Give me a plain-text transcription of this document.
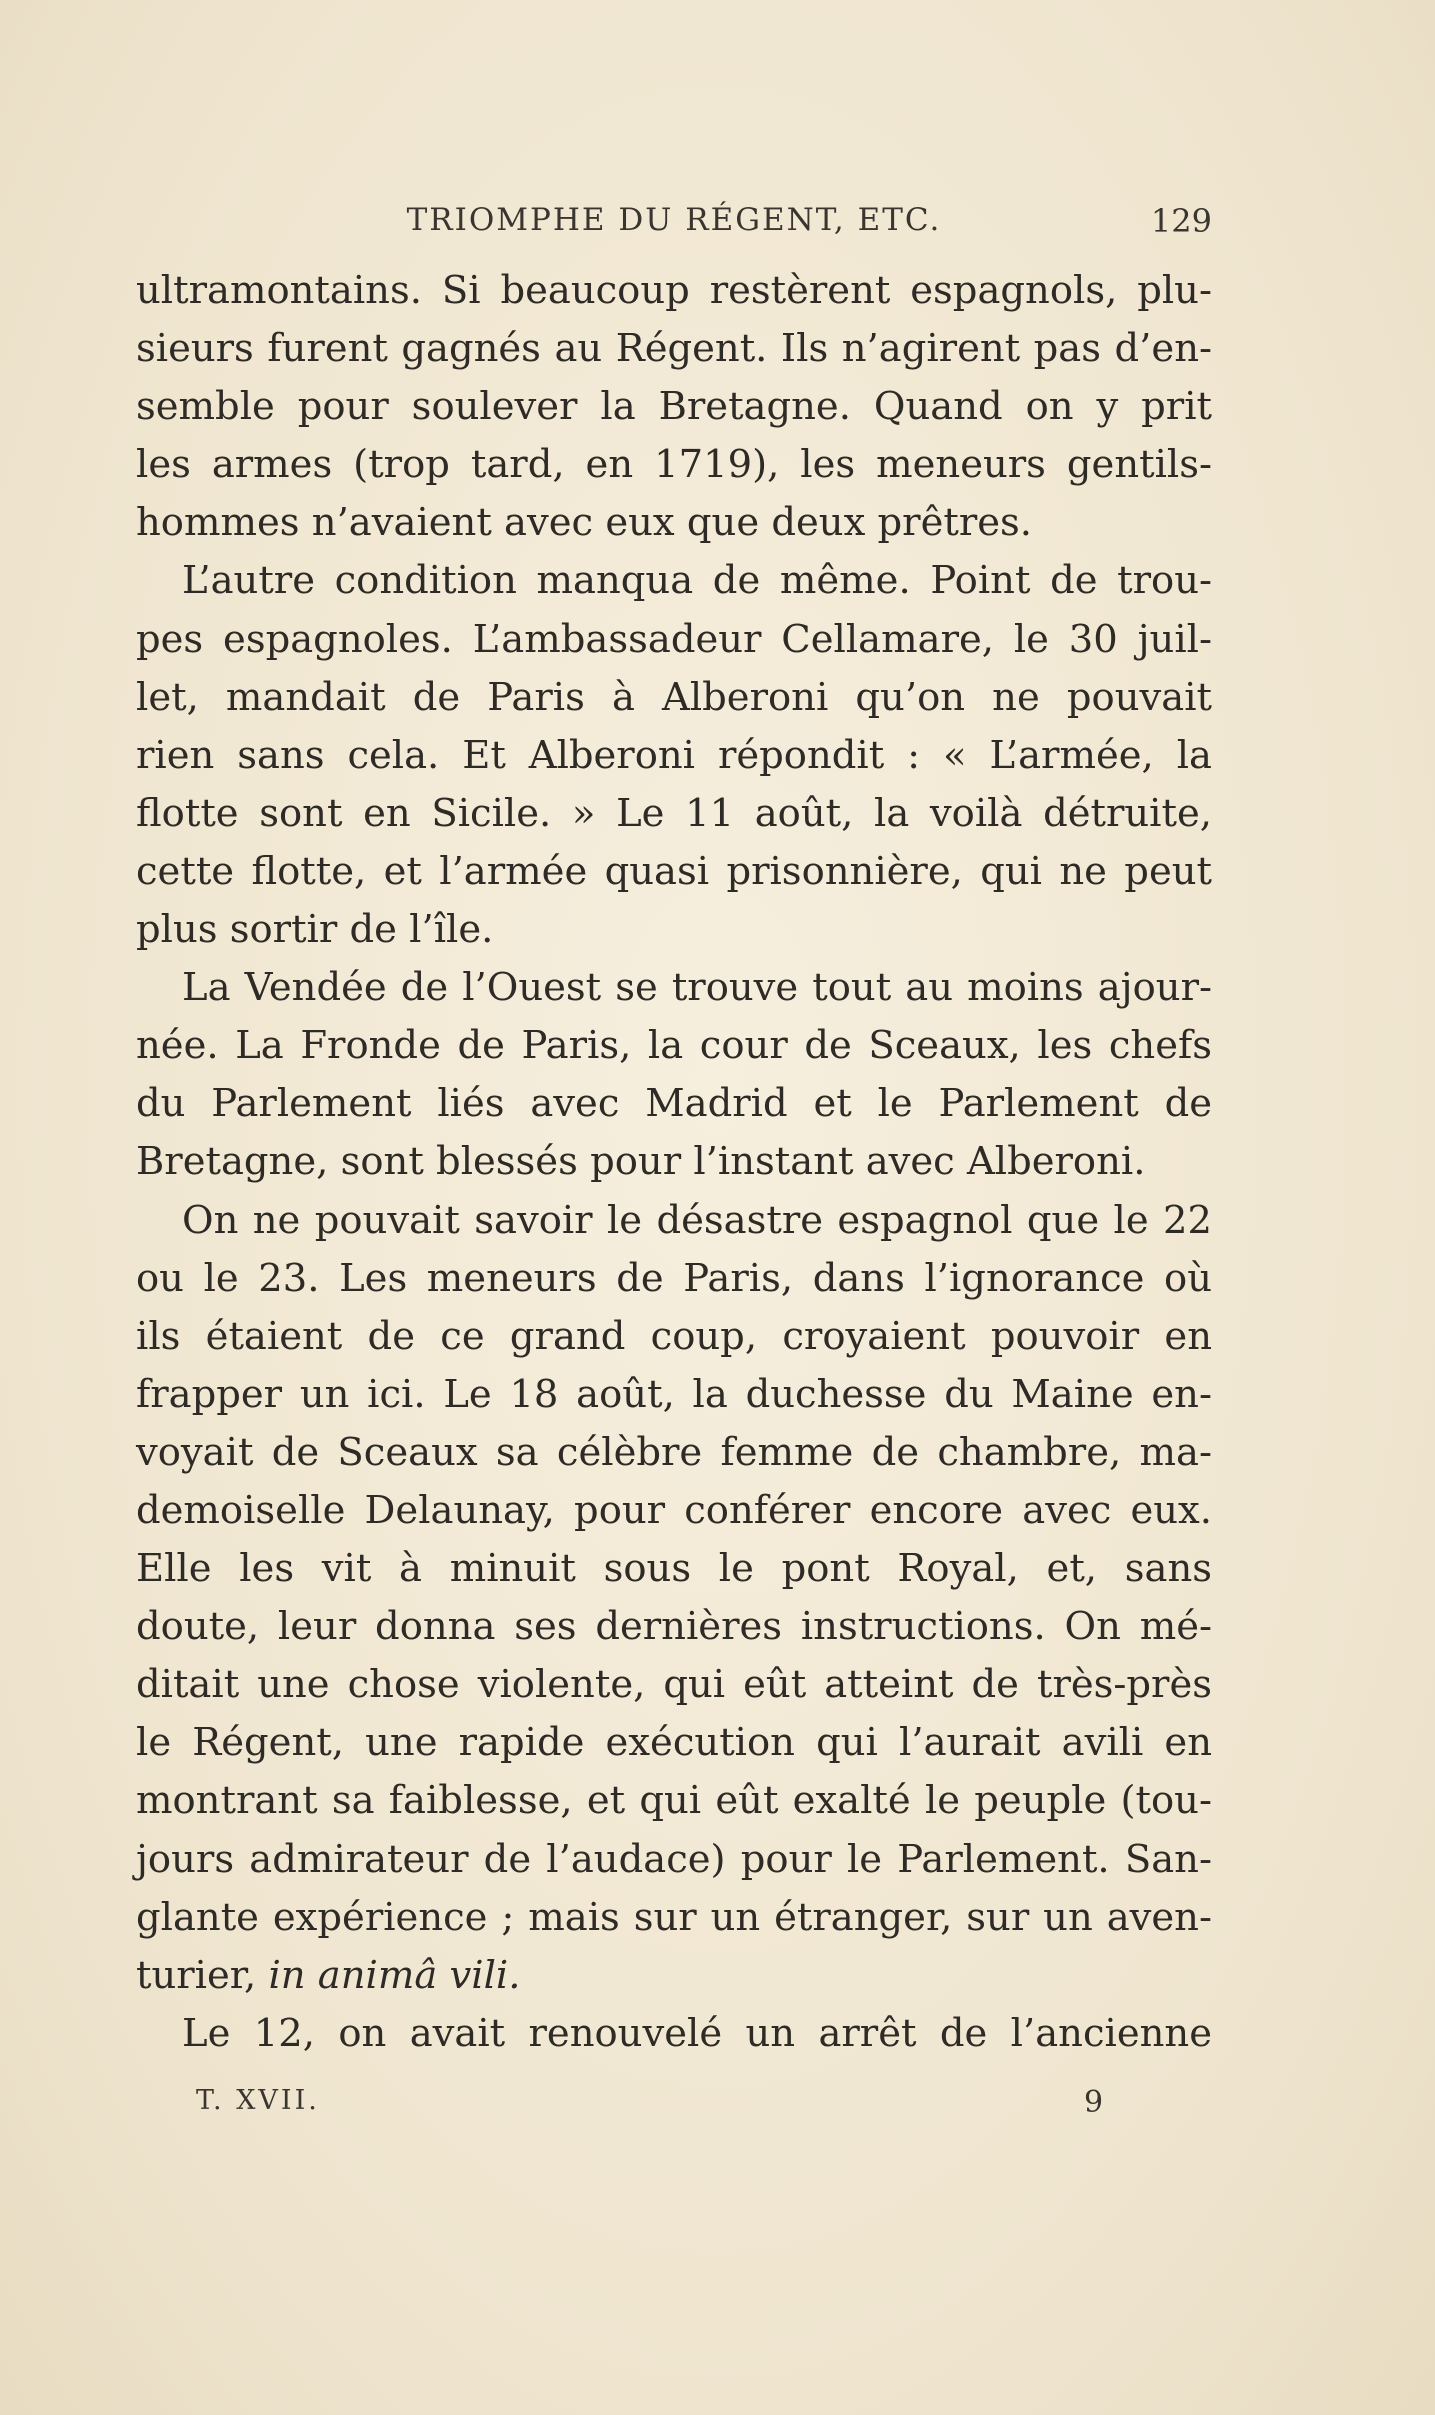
TRIOMPHE DU RÉGENT, ETC.	129
ultramontains. Si beaucoup restèrent espagnols, plu-
sieurs furent gagnés au Régent. Ils n’agirent pas d’en-
semble pour soulever la Bretagne. Quand on y prit
les armes (trop tard, en 1719), les meneurs gentils-
hommes n’avaient avec eux que deux prêtres.
L’autre condition manqua de même. Point de trou-
pes espagnoles. L’ambassadeur Cellamare, le 30 juil-
let, mandait de Paris à Alberoni qu’on ne pouvait
rien sans cela. Et Alberoni répondit : « L’armée, la
flotte sont en Sicile. » Le 11 août, la voilà détruite,
cette flotte, et l’armée quasi prisonnière, qui ne peut
plus sortir de l’île.
La Vendée de l’Ouest se trouve tout au moins ajour-
née. La Fronde de Paris, la cour de Sceaux, les chefs
du Parlement liés avec Madrid et le Parlement de
Bretagne, sont blessés pour l’instant avec Alberoni.
On ne pouvait savoir le désastre espagnol que le 22
ou le 23. Les meneurs de Paris, dans l’ignorance où
ils étaient de ce grand coup, croyaient pouvoir en
frapper un ici. Le 18 août, la duchesse du Maine en-
voyait de Sceaux sa célèbre femme de chambre, ma-
demoiselle Delaunay, pour conférer encore avec eux.
Elle les vit à minuit sous le pont Royal, et, sans
doute, leur donna ses dernières instructions. On mé-
ditait une chose violente, qui eût atteint de très-près
le Régent, une rapide exécution qui l’aurait avili en
montrant sa faiblesse, et qui eût exalté le peuple (tou-
jours admirateur de l’audace) pour le Parlement. San-
glante expérience ; mais sur un étranger, sur un aven-
turier, in animâ vili.
Le 12, on avait renouvelé un arrêt de l’ancienne
T. XVII.	9
